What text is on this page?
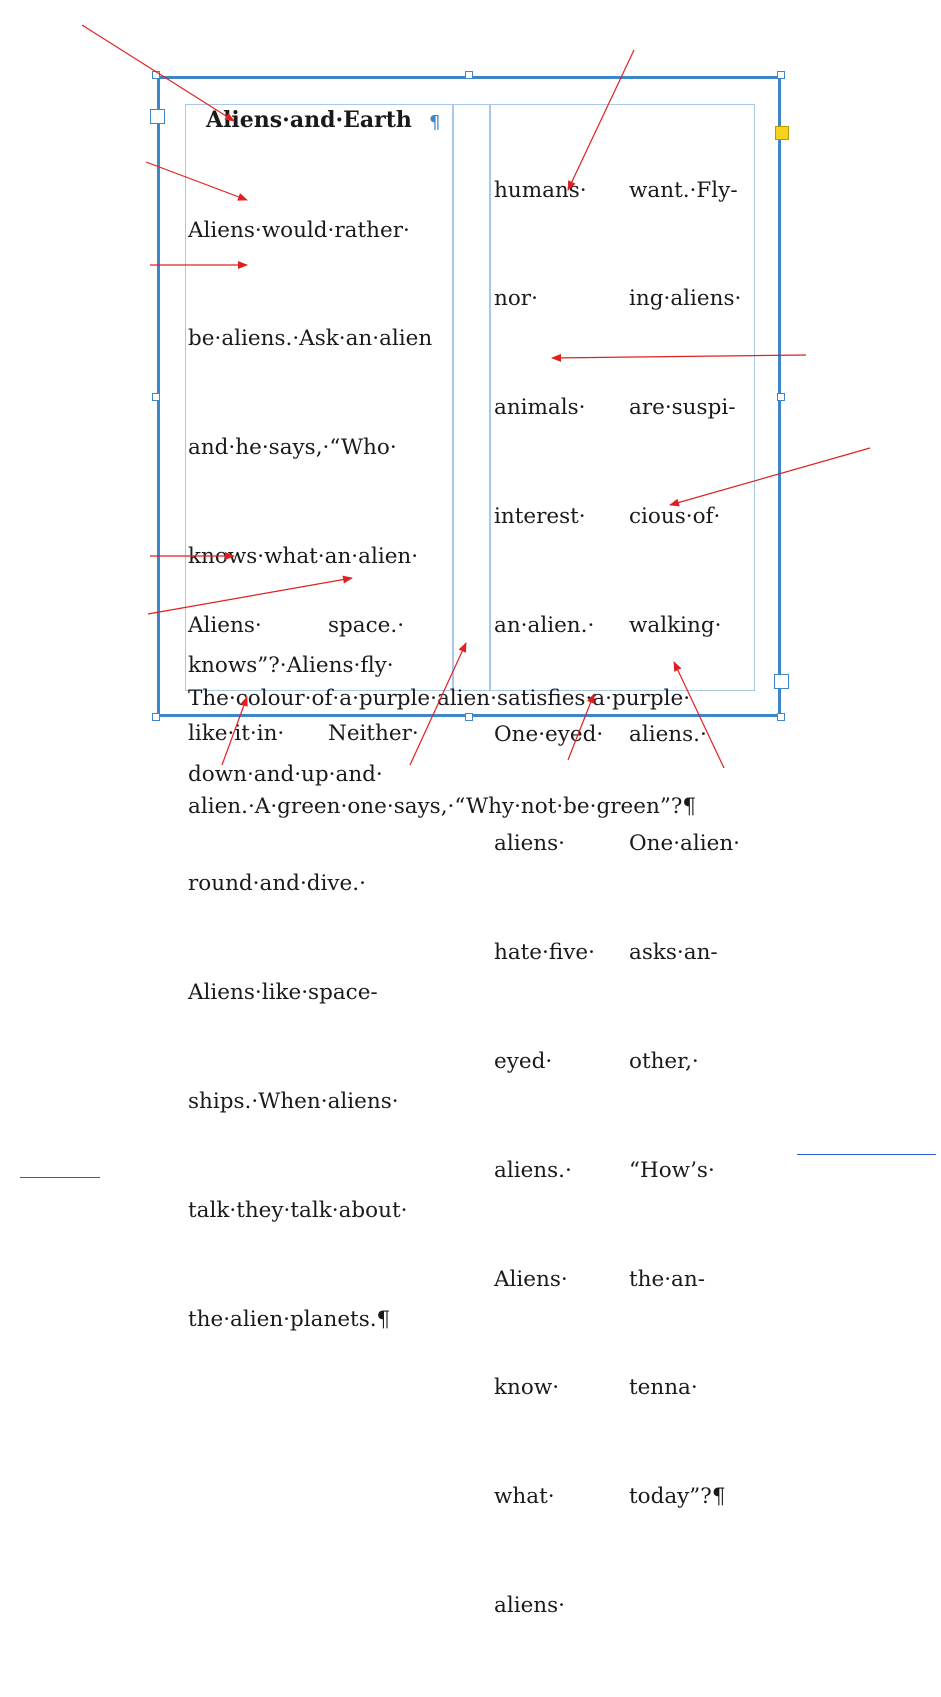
Aliens·and·Earth ¶

Aliens·would·rather·

be·aliens.·Ask·an·alien

and·he·says,·“Who·

knows·what·an·alien·

knows”?·Aliens·fly·

down·and·up·and·

round·and·dive.·

Aliens·like·space-

ships.·When·aliens·

talk·they·talk·about·

the·alien·planets.¶

Aliens·

like·it·in·

space.·

Neither·

humans·

nor·

animals·

interest·

an·alien.·

One·eyed·

aliens·

hate·five·

eyed·

aliens.·

Aliens·

know·

what·

aliens·

want.·Fly-

ing·aliens·

are·suspi-

cious·of·

walking·

aliens.·

One·alien·

asks·an-

other,·

“How’s·

the·an-

tenna·

today”?¶

The·colour·of·a·purple·alien·satisfies·a·purple·

alien.·A·green·one·says,·“Why·not·be·green”?¶
